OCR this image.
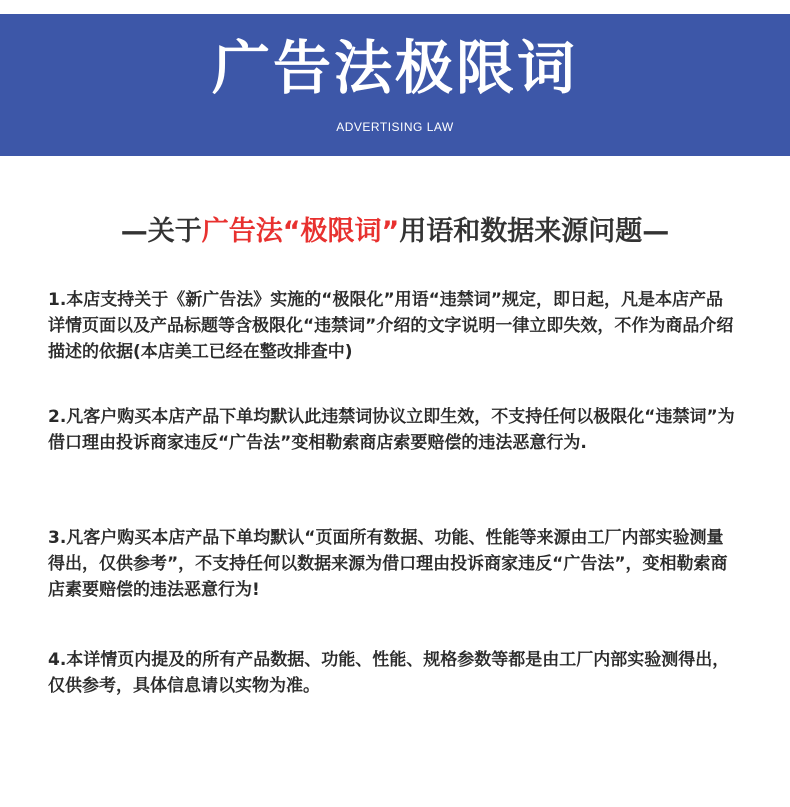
广告法极限词
ADVERTISING LAW
—关于广告法“极限词”用语和数据来源问题—

1.本店支持关于《新广告法》实施的“极限化”用语“违禁词”规定，即日起，凡是本店产品详情页面以及产品标题等含极限化“违禁词”介绍的文字说明一律立即失效，不作为商品介绍描述的依据(本店美工已经在整改排查中)

2.凡客户购买本店产品下单均默认此违禁词协议立即生效，不支持任何以极限化“违禁词”为借口理由投诉商家违反“广告法”变相勒索商店索要赔偿的违法恶意行为.

3.凡客户购买本店产品下单均默认“页面所有数据、功能、性能等来源由工厂内部实验测量得出，仅供参考”，不支持任何以数据来源为借口理由投诉商家违反“广告法”，变相勒索商店素要赔偿的违法恶意行为!

4.本详情页内提及的所有产品数据、功能、性能、规格参数等都是由工厂内部实验测得出，仅供参考，具体信息请以实物为准。
